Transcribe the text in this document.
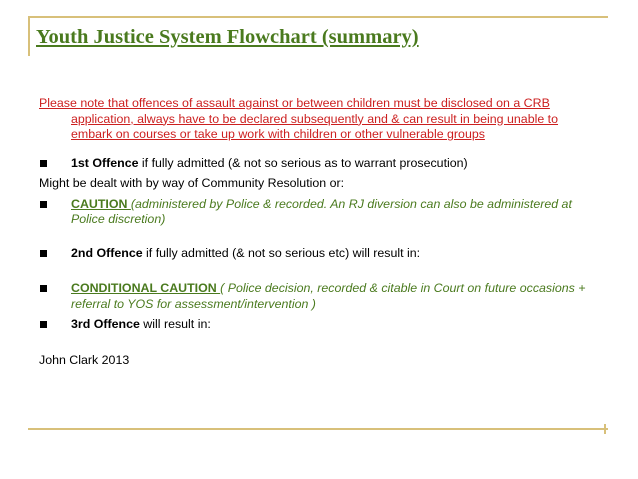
Youth Justice System Flowchart (summary)

Please note that offences of assault against or between children must be disclosed on a CRB application, always have to be declared subsequently and & can result in being unable to embark on courses or take up work with children or other vulnerable groups

1st Offence if fully admitted (& not so serious as to warrant prosecution)

Might be dealt with by way of Community Resolution or:

CAUTION (administered by Police & recorded. An RJ diversion can also be administered at Police discretion)

2nd Offence if fully admitted (& not so serious etc) will result in:

CONDITIONAL CAUTION ( Police decision, recorded & citable in Court on future occasions + referral to YOS for assessment/intervention )

3rd Offence will result in:

John Clark 2013
